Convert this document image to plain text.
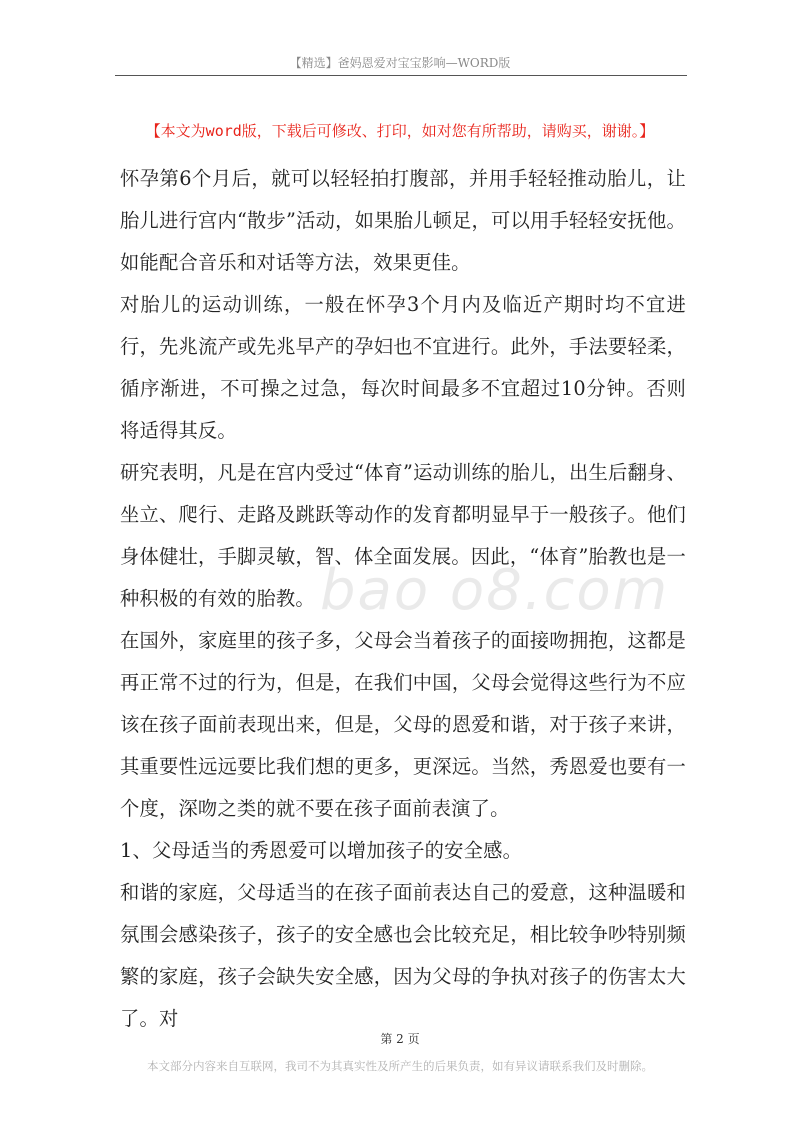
【精选】爸妈恩爱对宝宝影响—WORD版
【本文为word版，下载后可修改、打印，如对您有所帮助，请购买，谢谢。】

怀孕第6个月后，就可以轻轻拍打腹部，并用手轻轻推动胎儿，让胎儿进行宫内“散步”活动，如果胎儿顿足，可以用手轻轻安抚他。如能配合音乐和对话等方法，效果更佳。

对胎儿的运动训练，一般在怀孕3个月内及临近产期时均不宜进行，先兆流产或先兆早产的孕妇也不宜进行。此外，手法要轻柔，循序渐进，不可操之过急，每次时间最多不宜超过10分钟。否则将适得其反。

研究表明，凡是在宫内受过“体育”运动训练的胎儿，出生后翻身、坐立、爬行、走路及跳跃等动作的发育都明显早于一般孩子。他们身体健壮，手脚灵敏，智、体全面发展。因此，“体育”胎教也是一种积极的有效的胎教。

在国外，家庭里的孩子多，父母会当着孩子的面接吻拥抱，这都是再正常不过的行为，但是，在我们中国，父母会觉得这些行为不应该在孩子面前表现出来，但是，父母的恩爱和谐，对于孩子来讲，其重要性远远要比我们想的更多，更深远。当然，秀恩爱也要有一个度，深吻之类的就不要在孩子面前表演了。

1、父母适当的秀恩爱可以增加孩子的安全感。

和谐的家庭，父母适当的在孩子面前表达自己的爱意，这种温暖和氛围会感染孩子，孩子的安全感也会比较充足，相比较争吵特别频繁的家庭，孩子会缺失安全感，因为父母的争执对孩子的伤害太大了。对

bao o8.com
第 2 页
本文部分内容来自互联网，我司不为其真实性及所产生的后果负责，如有异议请联系我们及时删除。
